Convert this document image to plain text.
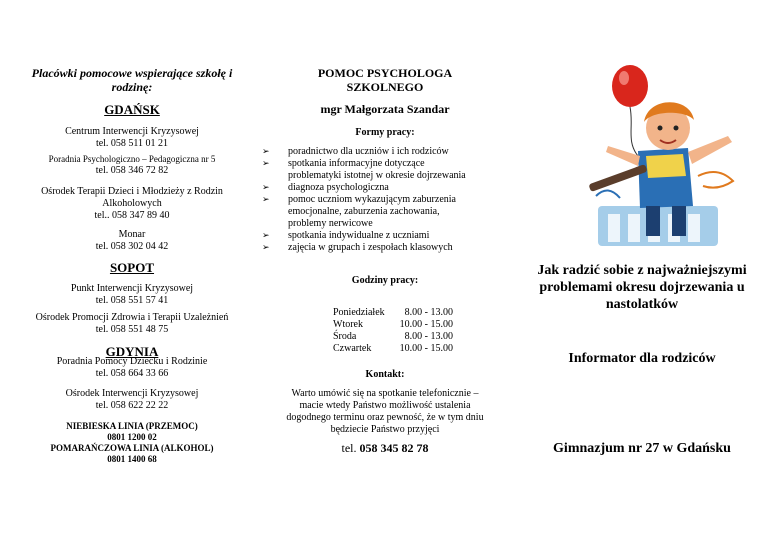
Placówki pomocowe wspierające szkołę i rodzinę:
GDAŃSK
Centrum Interwencji Kryzysowej
tel. 058 511 01 21
Poradnia Psychologiczno – Pedagogiczna nr 5
tel. 058 346 72 82
Ośrodek Terapii Dzieci i Młodzieży z Rodzin
Alkoholowych
tel.. 058 347 89 40
Monar
tel. 058 302 04 42
SOPOT
Punkt Interwencji Kryzysowej
tel. 058 551 57 41
Ośrodek Promocji Zdrowia i Terapii Uzależnień
tel. 058 551 48 75
GDYNIA
Poradnia Pomocy Dziecku i Rodzinie
tel. 058 664 33 66
Ośrodek Interwencji Kryzysowej
tel. 058 622 22 22
NIEBIESKA LINIA (PRZEMOC)
0801 1200 02
POMARAŃCZOWA LINIA (ALKOHOL)
0801 1400 68
POMOC PSYCHOLOGA
SZKOLNEGO
mgr Małgorzata Szandar
Formy pracy:
➢ poradnictwo dla uczniów i ich rodziców
➢ spotkania informacyjne dotyczące problematyki istotnej w okresie dojrzewania
➢ diagnoza psychologiczna
➢ pomoc uczniom wykazującym zaburzenia emocjonalne, zaburzenia zachowania, problemy nerwicowe
➢ spotkania indywidualne z uczniami
➢ zajęcia w grupach i zespołach klasowych
Godziny pracy:
Poniedziałek	8.00 - 13.00
Wtorek	10.00 - 15.00
Środa	8.00 - 13.00
Czwartek	10.00 - 15.00
Kontakt:
Warto umówić się na spotkanie telefonicznie – macie wtedy Państwo możliwość ustalenia dogodnego terminu oraz pewność, że w tym dniu będziecie Państwo przyjęci
tel. 058 345 82 78
Jak radzić sobie z najważniejszymi problemami okresu dojrzewania u nastolatków
Informator dla rodziców
Gimnazjum nr 27 w Gdańsku
